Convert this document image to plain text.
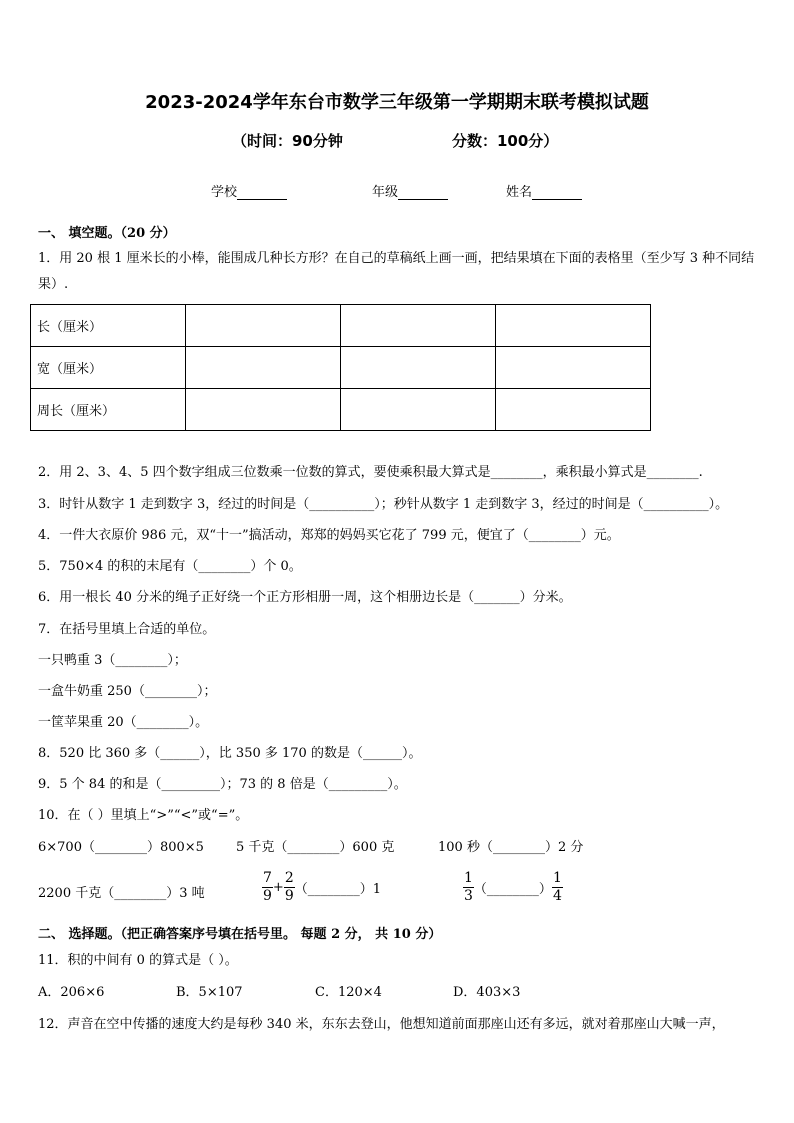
2023-2024学年东台市数学三年级第一学期期末联考模拟试题
（时间：90分钟	分数：100分）
学校	年级	姓名
一、 填空题。（20 分）
1．用 20 根 1 厘米长的小棒，能围成几种长方形？在自己的草稿纸上画一画，把结果填在下面的表格里（至少写 3 种不同结果）.
长（厘米）			
宽（厘米）			
周长（厘米）			
2．用 2、3、4、5 四个数字组成三位数乘一位数的算式，要使乘积最大算式是________，乘积最小算式是________.
3．时针从数字 1 走到数字 3，经过的时间是（__________）；秒针从数字 1 走到数字 3，经过的时间是（__________）。
4．一件大衣原价 986 元，双“十一”搞活动，郑郑的妈妈买它花了 799 元，便宜了（________）元。
5．750×4 的积的末尾有（________）个 0。
6．用一根长 40 分米的绳子正好绕一个正方形相册一周，这个相册边长是（_______）分米。
7．在括号里填上合适的单位。
一只鸭重 3（________）；
一盒牛奶重 250（________）；
一筐苹果重 20（________）。
8．520 比 360 多（______），比 350 多 170 的数是（______）。
9．5 个 84 的和是（_________）；73 的 8 倍是（_________）。
10．在（ ）里填上“>”“<”或“=”。
6×700（________）800×5 5 千克（________）600 克	100 秒（________）2 分
2200 千克（________）3 吨	$\frac{7}{9} + \frac{2}{9}$ （________）1	$\frac{1}{3}$ （________） $\frac{1}{4}$
二、 选择题。（把正确答案序号填在括号里。 每题 2 分， 共 10 分）
11．积的中间有 0 的算式是（ ）。
A．206×6	B．5×107	C．120×4	D．403×3
12．声音在空中传播的速度大约是每秒 340 米，东东去登山，他想知道前面那座山还有多远，就对着那座山大喊一声，
